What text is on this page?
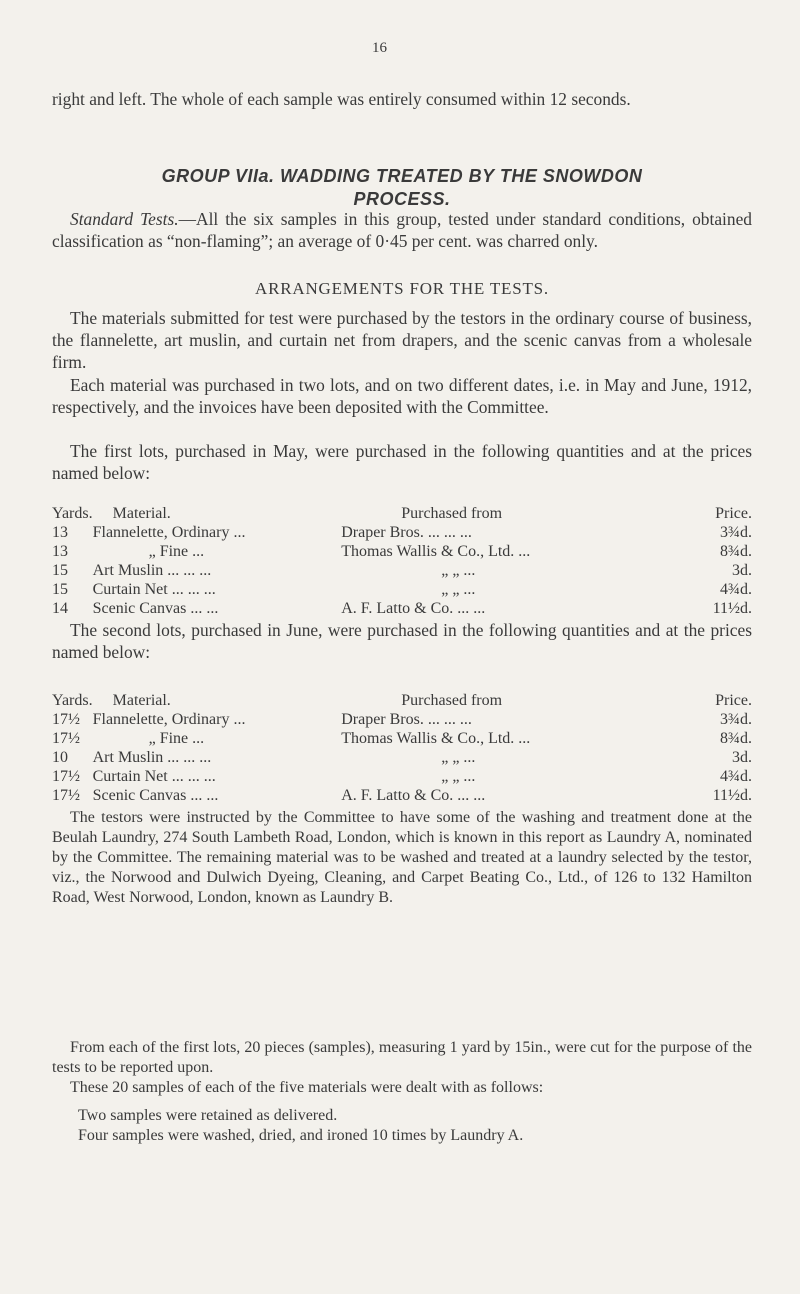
16

right and left. The whole of each sample was entirely consumed within 12 seconds.

GROUP VIIa. WADDING TREATED BY THE SNOWDON
PROCESS.

Standard Tests.—All the six samples in this group, tested under standard conditions, obtained classification as “non-flaming”; an average of 0·45 per cent. was charred only.

ARRANGEMENTS FOR THE TESTS.

The materials submitted for test were purchased by the testors in the ordinary course of business, the flannelette, art muslin, and curtain net from drapers, and the scenic canvas from a wholesale firm.

Each material was purchased in two lots, and on two different dates, i.e. in May and June, 1912, respectively, and the invoices have been deposited with the Committee.

The first lots, purchased in May, were purchased in the following quantities and at the prices named below:

Yards.	Material.	Purchased from	Price.
13	Flannelette, Ordinary ...	Draper Bros. ... ... ...	3¾d.
13	„ Fine ...	Thomas Wallis & Co., Ltd. ...	8¾d.
15	Art Muslin ... ... ...	„ „ ...	3d.
15	Curtain Net ... ... ...	„ „ ...	4¾d.
14	Scenic Canvas ... ...	A. F. Latto & Co. ... ...	11½d.

The second lots, purchased in June, were purchased in the following quantities and at the prices named below:

Yards.	Material.	Purchased from	Price.
17½	Flannelette, Ordinary ...	Draper Bros. ... ... ...	3¾d.
17½	„ Fine ...	Thomas Wallis & Co., Ltd. ...	8¾d.
10	Art Muslin ... ... ...	„ „ ...	3d.
17½	Curtain Net ... ... ...	„ „ ...	4¾d.
17½	Scenic Canvas ... ...	A. F. Latto & Co. ... ...	11½d.

The testors were instructed by the Committee to have some of the washing and treatment done at the Beulah Laundry, 274 South Lambeth Road, London, which is known in this report as Laundry A, nominated by the Committee. The remaining material was to be washed and treated at a laundry selected by the testor, viz., the Norwood and Dulwich Dyeing, Cleaning, and Carpet Beating Co., Ltd., of 126 to 132 Hamilton Road, West Norwood, London, known as Laundry B.

From each of the first lots, 20 pieces (samples), measuring 1 yard by 15in., were cut for the purpose of the tests to be reported upon.

These 20 samples of each of the five materials were dealt with as follows:

Two samples were retained as delivered.

Four samples were washed, dried, and ironed 10 times by Laundry A.
